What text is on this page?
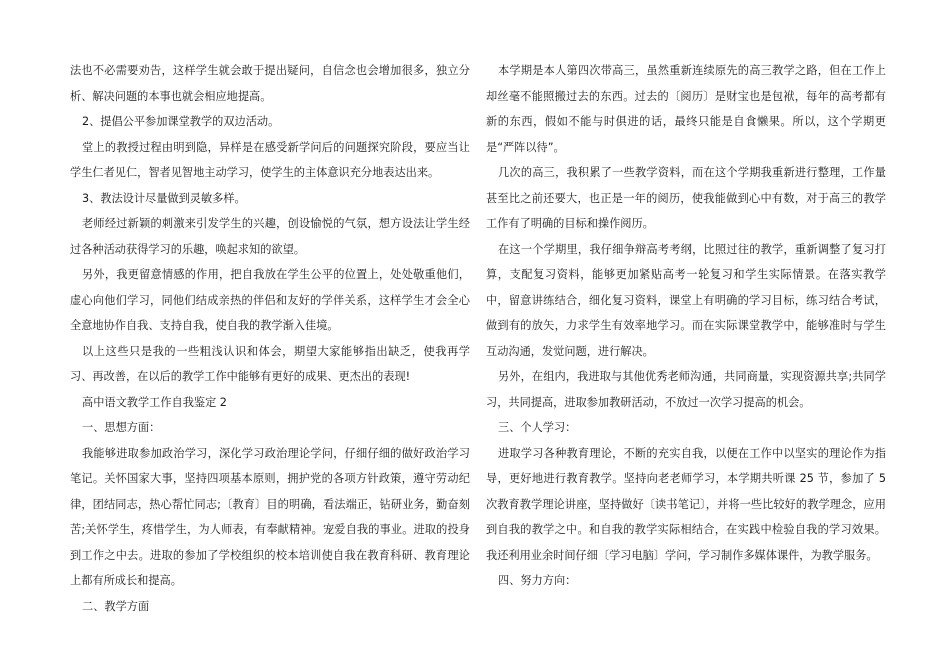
法也不必需要劝告，这样学生就会敢于提出疑问，自信念也会增加很多，独立分析、解决问题的本事也就会相应地提高。

2、提倡公平参加课堂教学的双边活动。

堂上的教授过程由明到隐，异样是在感受新学问后的问题探究阶段，要应当让学生仁者见仁，智者见智地主动学习，使学生的主体意识充分地表达出来。

3、教法设计尽量做到灵敏多样。

老师经过新颖的刺激来引发学生的兴趣，创设愉悦的气氛，想方设法让学生经过各种活动获得学习的乐趣，唤起求知的欲望。

另外，我更留意情感的作用，把自我放在学生公平的位置上，处处敬重他们，虚心向他们学习，同他们结成亲热的伴侣和友好的学伴关系，这样学生才会全心全意地协作自我、支持自我，使自我的教学渐入佳境。

以上这些只是我的一些粗浅认识和体会，期望大家能够指出缺乏，使我再学习、再改善，在以后的教学工作中能够有更好的成果、更杰出的表现!

高中语文教学工作自我鉴定 2

一、思想方面：

我能够进取参加政治学习，深化学习政治理论学问，仔细仔细的做好政治学习笔记。关怀国家大事，坚持四项基本原则，拥护党的各项方针政策，遵守劳动纪律，团结同志，热心帮忙同志;〔教育〕目的明确，看法端正，钻研业务，勤奋刻苦;关怀学生，疼惜学生，为人师表，有奉献精神。宠爱自我的事业。进取的投身到工作之中去。进取的参加了学校组织的校本培训使自我在教育科研、教育理论上都有所成长和提高。

二、教学方面

本学期是本人第四次带高三，虽然重新连续原先的高三教学之路，但在工作上却丝毫不能照搬过去的东西。过去的〔阅历〕是财宝也是包袱，每年的高考都有新的东西，假如不能与时俱进的话，最终只能是自食懒果。所以，这个学期更是“严阵以待”。

几次的高三，我积累了一些教学资料，而在这个学期我重新进行整理，工作量甚至比之前还要大，也正是一年的阅历，使我能做到心中有数，对于高三的教学工作有了明确的目标和操作阅历。

在这一个学期里，我仔细争辩高考考纲，比照过往的教学，重新调整了复习打算，支配复习资料，能够更加紧贴高考一轮复习和学生实际情景。在落实教学中，留意讲练结合，细化复习资料，课堂上有明确的学习目标，练习结合考试，做到有的放矢，力求学生有效率地学习。而在实际课堂教学中，能够准时与学生互动沟通，发觉问题，进行解决。

另外，在组内，我进取与其他优秀老师沟通，共同商量，实现资源共享;共同学习，共同提高，进取参加教研活动，不放过一次学习提高的机会。

三、个人学习：

进取学习各种教育理论，不断的充实自我，以便在工作中以坚实的理论作为指导，更好地进行教育教学。坚持向老老师学习，本学期共听课 25 节，参加了 5 次教育教学理论讲座，坚持做好〔读书笔记〕，并将一些比较好的教学理念，应用到自我的教学之中。和自我的教学实际相结合，在实践中检验自我的学习效果。我还利用业余时间仔细〔学习电脑〕学问，学习制作多媒体课件，为教学服务。

四、努力方向：
